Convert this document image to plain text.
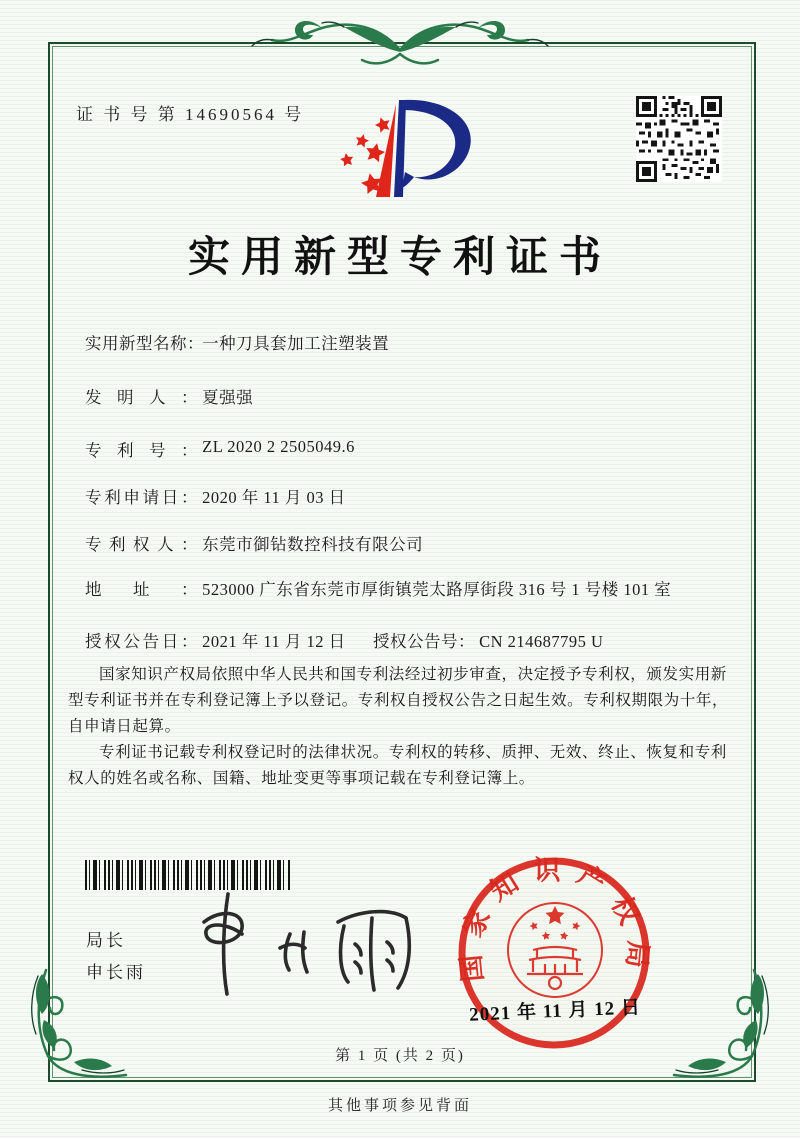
证 书 号 第 14690564 号
实用新型专利证书
实用新型名称： 一种刀具套加工注塑装置
发明人： 夏强强
专利号： ZL 2020 2 2505049.6
专利申请日： 2020 年 11 月 03 日
专利权人： 东莞市御钻数控科技有限公司
地址： 523000 广东省东莞市厚街镇莞太路厚街段 316 号 1 号楼 101 室
授权公告日： 2021 年 11 月 12 日 授权公告号： CN 214687795 U

国家知识产权局依照中华人民共和国专利法经过初步审查，决定授予专利权，颁发实用新型专利证书并在专利登记簿上予以登记。专利权自授权公告之日起生效。专利权期限为十年，自申请日起算。

专利证书记载专利权登记时的法律状况。专利权的转移、质押、无效、终止、恢复和专利权人的姓名或名称、国籍、地址变更等事项记载在专利登记簿上。

局长
申长雨	国家知识产权局
2021 年 11 月 12 日
第 1 页 (共 2 页)
其他事项参见背面
